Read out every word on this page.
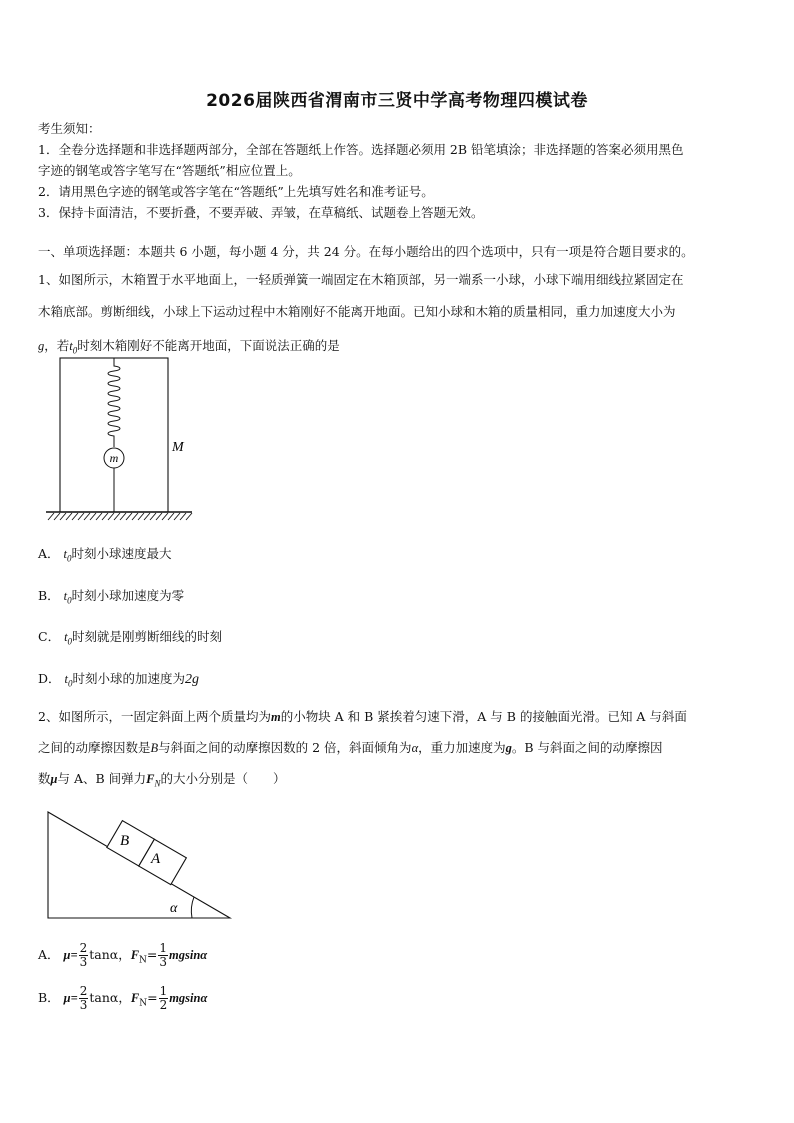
2026届陕西省渭南市三贤中学高考物理四模试卷
考生须知：
1．全卷分选择题和非选择题两部分，全部在答题纸上作答。选择题必须用 2B 铅笔填涂；非选择题的答案必须用黑色
字迹的钢笔或答字笔写在“答题纸”相应位置上。
2．请用黑色字迹的钢笔或答字笔在“答题纸”上先填写姓名和准考证号。
3．保持卡面清洁，不要折叠，不要弄破、弄皱，在草稿纸、试题卷上答题无效。
一、单项选择题：本题共 6 小题，每小题 4 分，共 24 分。在每小题给出的四个选项中，只有一项是符合题目要求的。
1、如图所示，木箱置于水平地面上，一轻质弹簧一端固定在木箱顶部，另一端系一小球，小球下端用细线拉紧固定在
木箱底部。剪断细线，小球上下运动过程中木箱刚好不能离开地面。已知小球和木箱的质量相同，重力加速度大小为
g，若$t_0$时刻木箱刚好不能离开地面，下面说法正确的是
m
M
A． $t_0$时刻小球速度最大
B． $t_0$时刻小球加速度为零
C． $t_0$时刻就是刚剪断细线的时刻
D． $t_0$时刻小球的加速度为2g
2、如图所示，一固定斜面上两个质量均为m的小物块 A 和 B 紧挨着匀速下滑，A 与 B 的接触面光滑。已知 A 与斜面
之间的动摩擦因数是B与斜面之间的动摩擦因数的 2 倍，斜面倾角为α，重力加速度为g。B 与斜面之间的动摩擦因
数μ与 A、B 间弹力$F_N$的大小分别是（　　）
B
A
α
A． $\mu= \frac{2}{3}$ tanα，$F_N= \frac{1}{3}$ mgsinα
B． $\mu= \frac{2}{3}$ tanα，$F_N= \frac{1}{2}$ mgsinα
